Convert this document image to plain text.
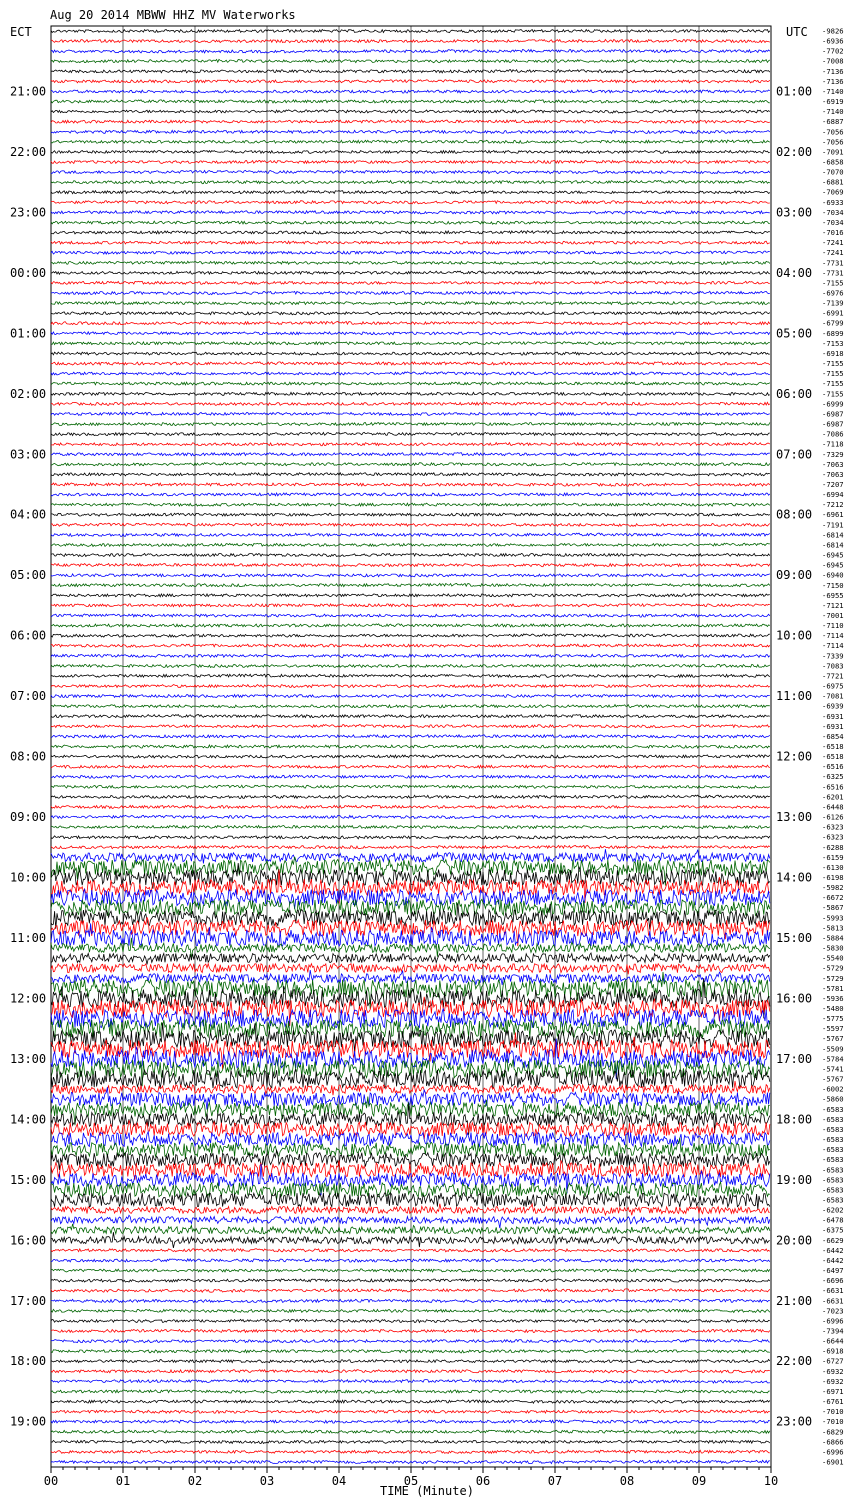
Aug 20 2014 MBWW HHZ MV Waterworks
ECT	UTC
TIME (Minute)
-9826
-6936
-7702
-7008
-7136
-7136
-7140
-6919
-7140
-6887
-7056
-7056
-7091
-6858
-7070
-6881
-7069
-6933
-7034
-7034
-7016
-7241
-7241
-7731
-7731
-7155
-6976
-7139
-6991
-6799
-6899
-7153
-6918
-7155
-7155
-7155
-7155
-6999
-6987
-6987
-7086
-7118
-7329
-7063
-7063
-7207
-6994
-7212
-6961
-7191
-6814
-6814
-6945
-6945
-6940
-7150
-6955
-7121
-7001
-7110
-7114
-7114
-7339
-7083
-7721
-6975
-7081
-6939
-6931
-6931
-6854
-6518
-6518
-6516
-6325
-6516
-6201
-6448
-6126
-6323
-6323
-6288
-6159
-6130
-6198
-5982
-6672
-5867
-5993
-5813
-5884
-5830
-5540
-5729
-5729
-5781
-5936
-5480
-5775
-5597
-5767
-5509
-5784
-5741
-5767
-6002
-5860
-6583
-6583
-6583
-6583
-6583
-6583
-6583
-6583
-6583
-6583
-6202
-6478
-6375
-6629
-6442
-6442
-6497
-6696
-6631
-6631
-7023
-6996
-7394
-6644
-6918
-6727
-6932
-6932
-6971
-6761
-7010
-7010
-6829
-6866
-6996
-6901
21:00	01:00
22:00	02:00
23:00	03:00
00:00	04:00
01:00	05:00
02:00	06:00
03:00	07:00
04:00	08:00
05:00	09:00
06:00	10:00
07:00	11:00
08:00	12:00
09:00	13:00
10:00	14:00
11:00	15:00
12:00	16:00
13:00	17:00
14:00	18:00
15:00	19:00
16:00	20:00
17:00	21:00
18:00	22:00
19:00	23:00
00	01	02	03	04	05	06	07	08	09	10
